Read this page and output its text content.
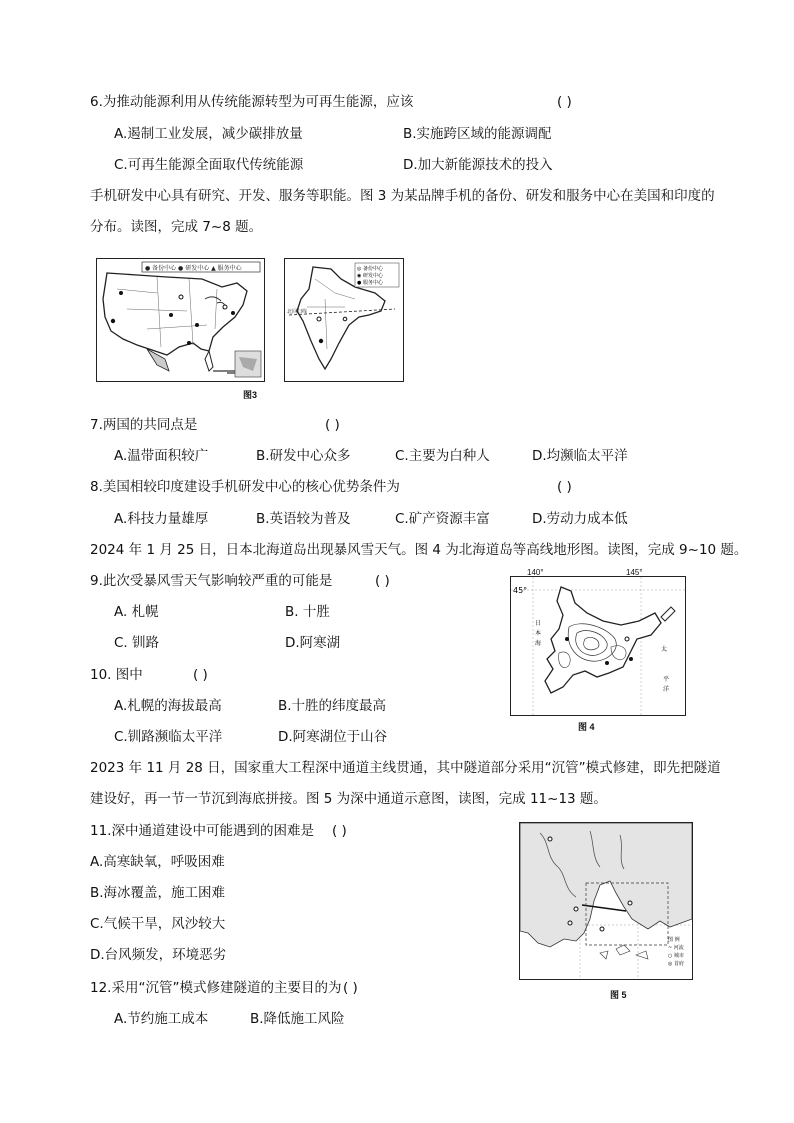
6.为推动能源利用从传统能源转型为可再生能源，应该	( )
A.遏制工业发展，减少碳排放量	B.实施跨区域的能源调配
C.可再生能源全面取代传统能源	D.加大新能源技术的投入
手机研发中心具有研究、开发、服务等职能。图 3 为某品牌手机的备份、研发和服务中心在美国和印度的
分布。读图，完成 7~8 题。
● 备份中心 ● 研发中心 ▲ 服务中心
北回归线
◎ 备份中心
◉ 研发中心
● 服务中心
图3
7.两国的共同点是	( )
A.温带面积较广	B.研发中心众多	C.主要为白种人	D.均濒临太平洋
8.美国相较印度建设手机研发中心的核心优势条件为	( )
A.科技力量雄厚	B.英语较为普及	C.矿产资源丰富	D.劳动力成本低
2024 年 1 月 25 日，日本北海道岛出现暴风雪天气。图 4 为北海道岛等高线地形图。读图，完成 9~10 题。
9.此次受暴风雪天气影响较严重的可能是	( )
A. 札幌	B. 十胜
C. 钏路	D.阿寒湖
45°
日
本
海
太
平
洋
140°	145°
图 4
10. 图中	( )
A.札幌的海拔最高	B.十胜的纬度最高
C.钏路濒临太平洋	D.阿寒湖位于山谷
2023 年 11 月 28 日，国家重大工程深中通道主线贯通，其中隧道部分采用“沉管”模式修建，即先把隧道
建设好，再一节一节沉到海底拼接。图 5 为深中通道示意图，读图，完成 11~13 题。
11.深中通道建设中可能遇到的困难是 ( )
A.高寒缺氧，呼吸困难
B.海冰覆盖，施工困难
C.气候干旱，风沙较大
D.台风频发，环境恶劣
图 例
~ 河流
○ 城市
◎ 首府
图 5
12.采用“沉管”模式修建隧道的主要目的为 ( )
A.节约施工成本	B.降低施工风险
